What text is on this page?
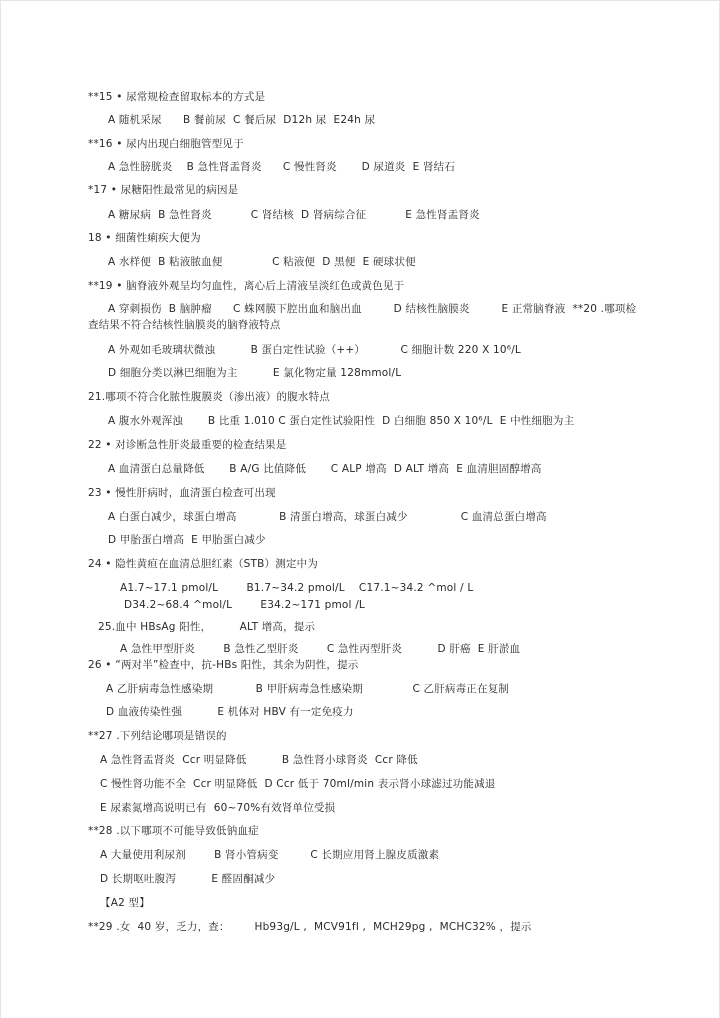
**15 • 尿常规检查留取标本的方式是
A 随机采尿      B 餐前尿  C 餐后尿  D12h 尿  E24h 尿
**16 • 尿内出现白细胞管型见于
A 急性膀胱炎    B 急性肾盂肾炎      C 慢性肾炎       D 尿道炎  E 肾结石
*17 • 尿糖阳性最常见的病因是
A 糖尿病  B 急性肾炎           C 肾结核  D 肾病综合征           E 急性肾盂肾炎
18 • 细菌性痢疾大便为
A 水样便  B 粘液脓血便              C 粘液便  D 黑便  E 硬球状便
**19 • 脑脊液外观呈均匀血性，离心后上清液呈淡红色或黄色见于
A 穿刺损伤  B 脑肿瘤      C 蛛网膜下腔出血和脑出血         D 结核性脑膜炎         E 正常脑脊液  **20 .哪项检
查结果不符合结核性脑膜炎的脑脊液特点
A 外观如毛玻璃状微浊          B 蛋白定性试验（++）          C 细胞计数 220 X 10⁶/L
D 细胞分类以淋巴细胞为主          E 氯化物定量 128mmol/L
21.哪项不符合化脓性腹膜炎（渗出液）的腹水特点
A 腹水外观浑浊       B 比重 1.010 C 蛋白定性试验阳性  D 白细胞 850 X 10⁶/L  E 中性细胞为主
22 • 对诊断急性肝炎最重要的检查结果是
A 血清蛋白总量降低       B A/G 比值降低       C ALP 增高  D ALT 增高  E 血清胆固醇增高
23 • 慢性肝病时，血清蛋白检查可出现
A 白蛋白减少，球蛋白增高            B 清蛋白增高，球蛋白减少               C 血清总蛋白增高
D 甲胎蛋白增高  E 甲胎蛋白减少
24 • 隐性黄疸在血清总胆红素（STB）测定中为
A1.7~17.1 pmol/L        B1.7~34.2 pmol/L    C17.1~34.2 ^mol / L
D34.2~68.4 ^mol/L        E34.2~171 pmol /L
25.血中 HBsAg 阳性，        ALT 增高，提示
A 急性甲型肝炎        B 急性乙型肝炎        C 急性丙型肝炎          D 肝癌  E 肝淤血
26 • “两对半”检查中，抗-HBs 阳性，其余为阴性，提示
A 乙肝病毒急性感染期            B 甲肝病毒急性感染期              C 乙肝病毒正在复制
D 血液传染性强          E 机体对 HBV 有一定免疫力
**27 .下列结论哪项是错误的
A 急性肾盂肾炎  Ccr 明显降低          B 急性肾小球肾炎  Ccr 降低
C 慢性肾功能不全  Ccr 明显降低  D Ccr 低于 70ml/min 表示肾小球滤过功能减退
E 尿素氮增高说明已有  60~70%有效肾单位受损
**28 .以下哪项不可能导致低钠血症
A 大量使用利尿剂        B 肾小管病变         C 长期应用肾上腺皮质激素
D 长期呕吐腹泻          E 醛固酮减少
【A2 型】
**29 .女  40 岁，乏力，查：       Hb93g/L ,  MCV91fl ,  MCH29pg ,  MCHC32% ，提示
